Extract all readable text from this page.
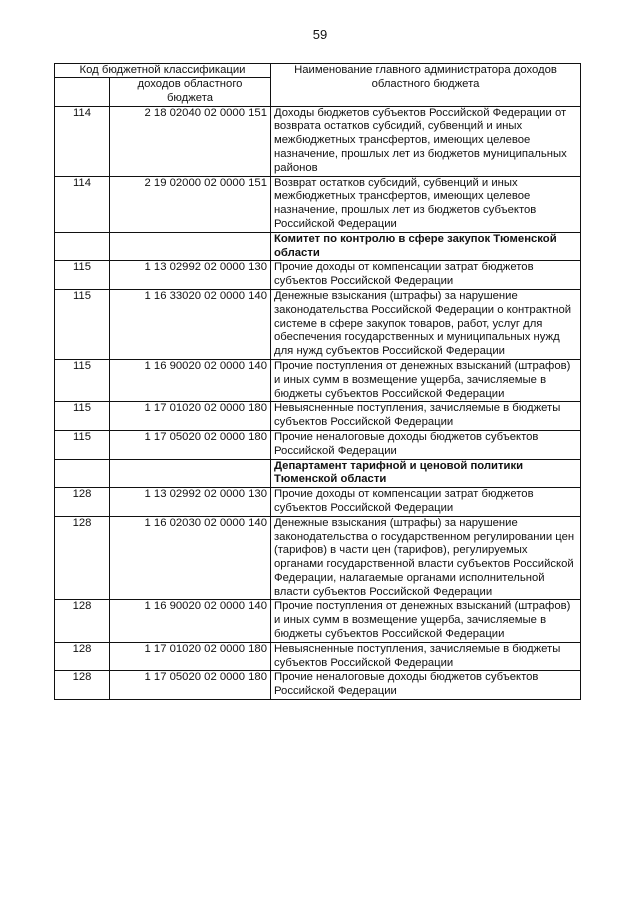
59
Код бюджетной классификации		Наименование главного администратора доходов областного бюджета
	доходов областного бюджета	
114	2 18 02040 02 0000 151	Доходы бюджетов субъектов Российской Федерации от возврата остатков субсидий, субвенций и иных межбюджетных трансфертов, имеющих целевое назначение, прошлых лет из бюджетов муниципальных районов
114	2 19 02000 02 0000 151	Возврат остатков субсидий, субвенций и иных межбюджетных трансфертов, имеющих целевое назначение, прошлых лет из бюджетов субъектов Российской Федерации
		Комитет по контролю в сфере закупок Тюменской области
115	1 13 02992 02 0000 130	Прочие доходы от компенсации затрат бюджетов субъектов Российской Федерации
115	1 16 33020 02 0000 140	Денежные взыскания (штрафы) за нарушение законодательства Российской Федерации о контрактной системе в сфере закупок товаров, работ, услуг для обеспечения государственных и муниципальных нужд для нужд субъектов Российской Федерации
115	1 16 90020 02 0000 140	Прочие поступления от денежных взысканий (штрафов) и иных сумм в возмещение ущерба, зачисляемые в бюджеты субъектов Российской Федерации
115	1 17 01020 02 0000 180	Невыясненные поступления, зачисляемые в бюджеты субъектов Российской Федерации
115	1 17 05020 02 0000 180	Прочие неналоговые доходы бюджетов субъектов Российской Федерации
		Департамент тарифной и ценовой политики Тюменской области
128	1 13 02992 02 0000 130	Прочие доходы от компенсации затрат бюджетов субъектов Российской Федерации
128	1 16 02030 02 0000 140	Денежные взыскания (штрафы) за нарушение законодательства о государственном регулировании цен (тарифов) в части цен (тарифов), регулируемых органами государственной власти субъектов Российской Федерации, налагаемые органами исполнительной власти субъектов Российской Федерации
128	1 16 90020 02 0000 140	Прочие поступления от денежных взысканий (штрафов) и иных сумм в возмещение ущерба, зачисляемые в бюджеты субъектов Российской Федерации
128	1 17 01020 02 0000 180	Невыясненные поступления, зачисляемые в бюджеты субъектов Российской Федерации
128	1 17 05020 02 0000 180	Прочие неналоговые доходы бюджетов субъектов Российской Федерации
